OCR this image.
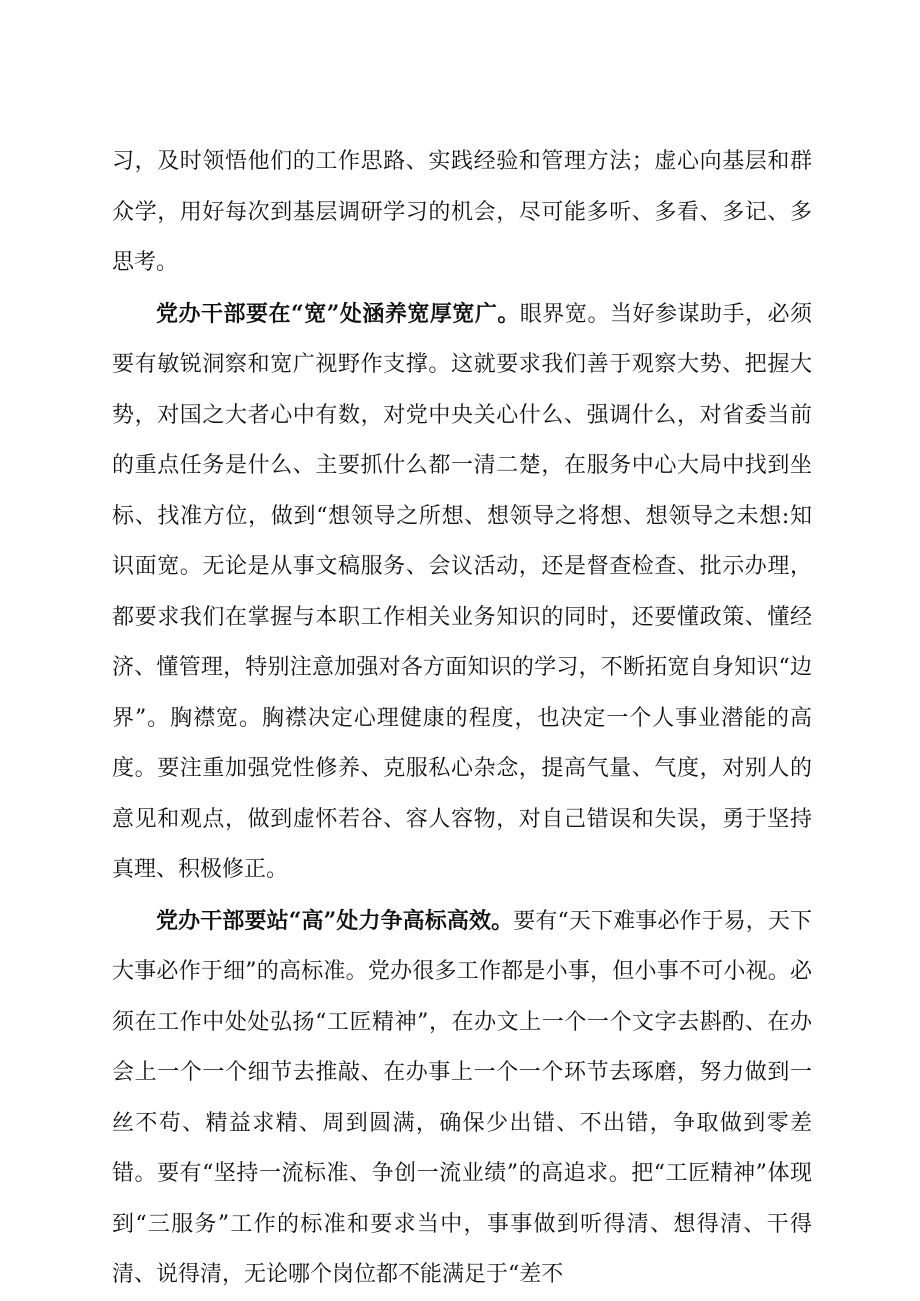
习，及时领悟他们的工作思路、实践经验和管理方法；虚心向基层和群众学，用好每次到基层调研学习的机会，尽可能多听、多看、多记、多思考。

党办干部要在“宽”处涵养宽厚宽广。眼界宽。当好参谋助手，必须要有敏锐洞察和宽广视野作支撑。这就要求我们善于观察大势、把握大势，对国之大者心中有数，对党中央关心什么、强调什么，对省委当前的重点任务是什么、主要抓什么都一清二楚，在服务中心大局中找到坐标、找准方位，做到“想领导之所想、想领导之将想、想领导之未想:知识面宽。无论是从事文稿服务、会议活动，还是督查检查、批示办理，都要求我们在掌握与本职工作相关业务知识的同时，还要懂政策、懂经济、懂管理，特别注意加强对各方面知识的学习，不断拓宽自身知识“边界”。胸襟宽。胸襟决定心理健康的程度，也决定一个人事业潜能的高度。要注重加强党性修养、克服私心杂念，提高气量、气度，对别人的意见和观点，做到虚怀若谷、容人容物，对自己错误和失误，勇于坚持真理、积极修正。

党办干部要站“高”处力争高标高效。要有“天下难事必作于易，天下大事必作于细”的高标准。党办很多工作都是小事，但小事不可小视。必须在工作中处处弘扬“工匠精神”，在办文上一个一个文字去斟酌、在办会上一个一个细节去推敲、在办事上一个一个环节去琢磨，努力做到一丝不苟、精益求精、周到圆满，确保少出错、不出错，争取做到零差错。要有“坚持一流标准、争创一流业绩”的高追求。把“工匠精神”体现到“三服务”工作的标准和要求当中，事事做到听得清、想得清、干得清、说得清，无论哪个岗位都不能满足于“差不
